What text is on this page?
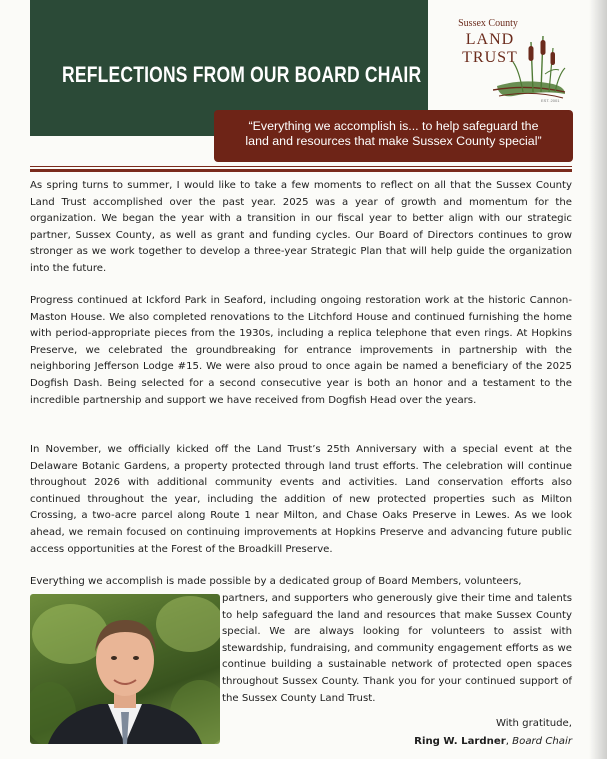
REFLECTIONS FROM OUR BOARD CHAIR
Sussex County
LAND TRUST
EST. 2001
“Everything we accomplish is... to help safeguard the
land and resources that make Sussex County special”
As spring turns to summer, I would like to take a few moments to reflect on all that the Sussex County Land Trust accomplished over the past year. 2025 was a year of growth and momentum for the organization. We began the year with a transition in our fiscal year to better align with our strategic partner, Sussex County, as well as grant and funding cycles. Our Board of Directors continues to grow stronger as we work together to develop a three-year Strategic Plan that will help guide the organization into the future.
Progress continued at Ickford Park in Seaford, including ongoing restoration work at the historic Cannon-Maston House. We also completed renovations to the Litchford House and continued furnishing the home with period-appropriate pieces from the 1930s, including a replica telephone that even rings. At Hopkins Preserve, we celebrated the groundbreaking for entrance improvements in partnership with the neighboring Jefferson Lodge #15. We were also proud to once again be named a beneficiary of the 2025 Dogfish Dash. Being selected for a second consecutive year is both an honor and a testament to the incredible partnership and support we have received from Dogfish Head over the years.
In November, we officially kicked off the Land Trust’s 25th Anniversary with a special event at the Delaware Botanic Gardens, a property protected through land trust efforts. The celebration will continue throughout 2026 with additional community events and activities. Land conservation efforts also continued throughout the year, including the addition of new protected properties such as Milton Crossing, a two-acre parcel along Route 1 near Milton, and Chase Oaks Preserve in Lewes. As we look ahead, we remain focused on continuing improvements at Hopkins Preserve and advancing future public access opportunities at the Forest of the Broadkill Preserve.
Everything we accomplish is made possible by a dedicated group of Board Members, volunteers,
partners, and supporters who generously give their time and talents to help safeguard the land and resources that make Sussex County special. We are always looking for volunteers to assist with stewardship, fundraising, and community engagement efforts as we continue building a sustainable network of protected open spaces throughout Sussex County. Thank you for your continued support of the Sussex County Land Trust.
With gratitude,
Ring W. Lardner, Board Chair
